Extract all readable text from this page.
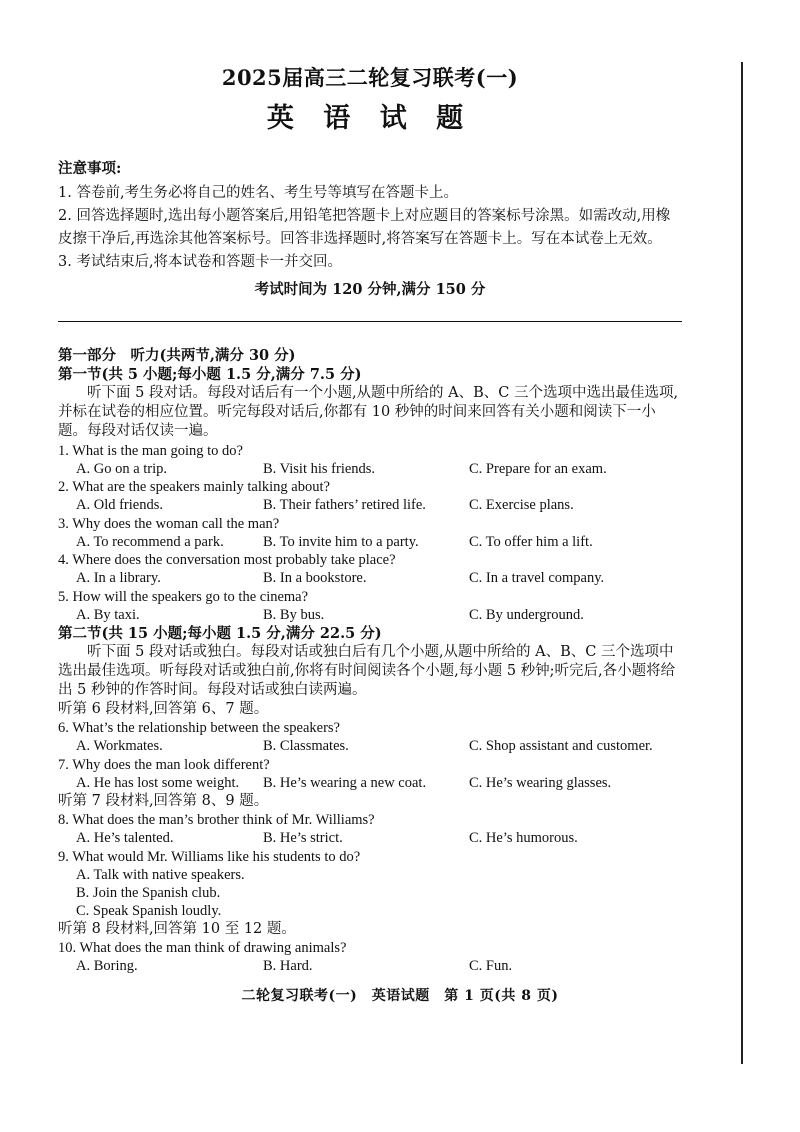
2025届高三二轮复习联考(一)
英 语 试 题
注意事项:
1. 答卷前,考生务必将自己的姓名、考生号等填写在答题卡上。
2. 回答选择题时,选出每小题答案后,用铅笔把答题卡上对应题目的答案标号涂黑。如需改动,用橡皮擦干净后,再选涂其他答案标号。回答非选择题时,将答案写在答题卡上。写在本试卷上无效。
3. 考试结束后,将本试卷和答题卡一并交回。
考试时间为 120 分钟,满分 150 分
第一部分　听力(共两节,满分 30 分)
第一节(共 5 小题;每小题 1.5 分,满分 7.5 分)
听下面 5 段对话。每段对话后有一个小题,从题中所给的 A、B、C 三个选项中选出最佳选项,并标在试卷的相应位置。听完每段对话后,你都有 10 秒钟的时间来回答有关小题和阅读下一小题。每段对话仅读一遍。
1. What is the man going to do?
A. Go on a trip.	B. Visit his friends.	C. Prepare for an exam.
2. What are the speakers mainly talking about?
A. Old friends.	B. Their fathers’ retired life.	C. Exercise plans.
3. Why does the woman call the man?
A. To recommend a park.	B. To invite him to a party.	C. To offer him a lift.
4. Where does the conversation most probably take place?
A. In a library.	B. In a bookstore.	C. In a travel company.
5. How will the speakers go to the cinema?
A. By taxi.	B. By bus.	C. By underground.
第二节(共 15 小题;每小题 1.5 分,满分 22.5 分)
听下面 5 段对话或独白。每段对话或独白后有几个小题,从题中所给的 A、B、C 三个选项中选出最佳选项。听每段对话或独白前,你将有时间阅读各个小题,每小题 5 秒钟;听完后,各小题将给出 5 秒钟的作答时间。每段对话或独白读两遍。
听第 6 段材料,回答第 6、7 题。
6. What’s the relationship between the speakers?
A. Workmates.	B. Classmates.	C. Shop assistant and customer.
7. Why does the man look different?
A. He has lost some weight.	B. He’s wearing a new coat.	C. He’s wearing glasses.
听第 7 段材料,回答第 8、9 题。
8. What does the man’s brother think of Mr. Williams?
A. He’s talented.	B. He’s strict.	C. He’s humorous.
9. What would Mr. Williams like his students to do?
A. Talk with native speakers.
B. Join the Spanish club.
C. Speak Spanish loudly.
听第 8 段材料,回答第 10 至 12 题。
10. What does the man think of drawing animals?
A. Boring.	B. Hard.	C. Fun.
二轮复习联考(一)　英语试题　第 1 页(共 8 页)
